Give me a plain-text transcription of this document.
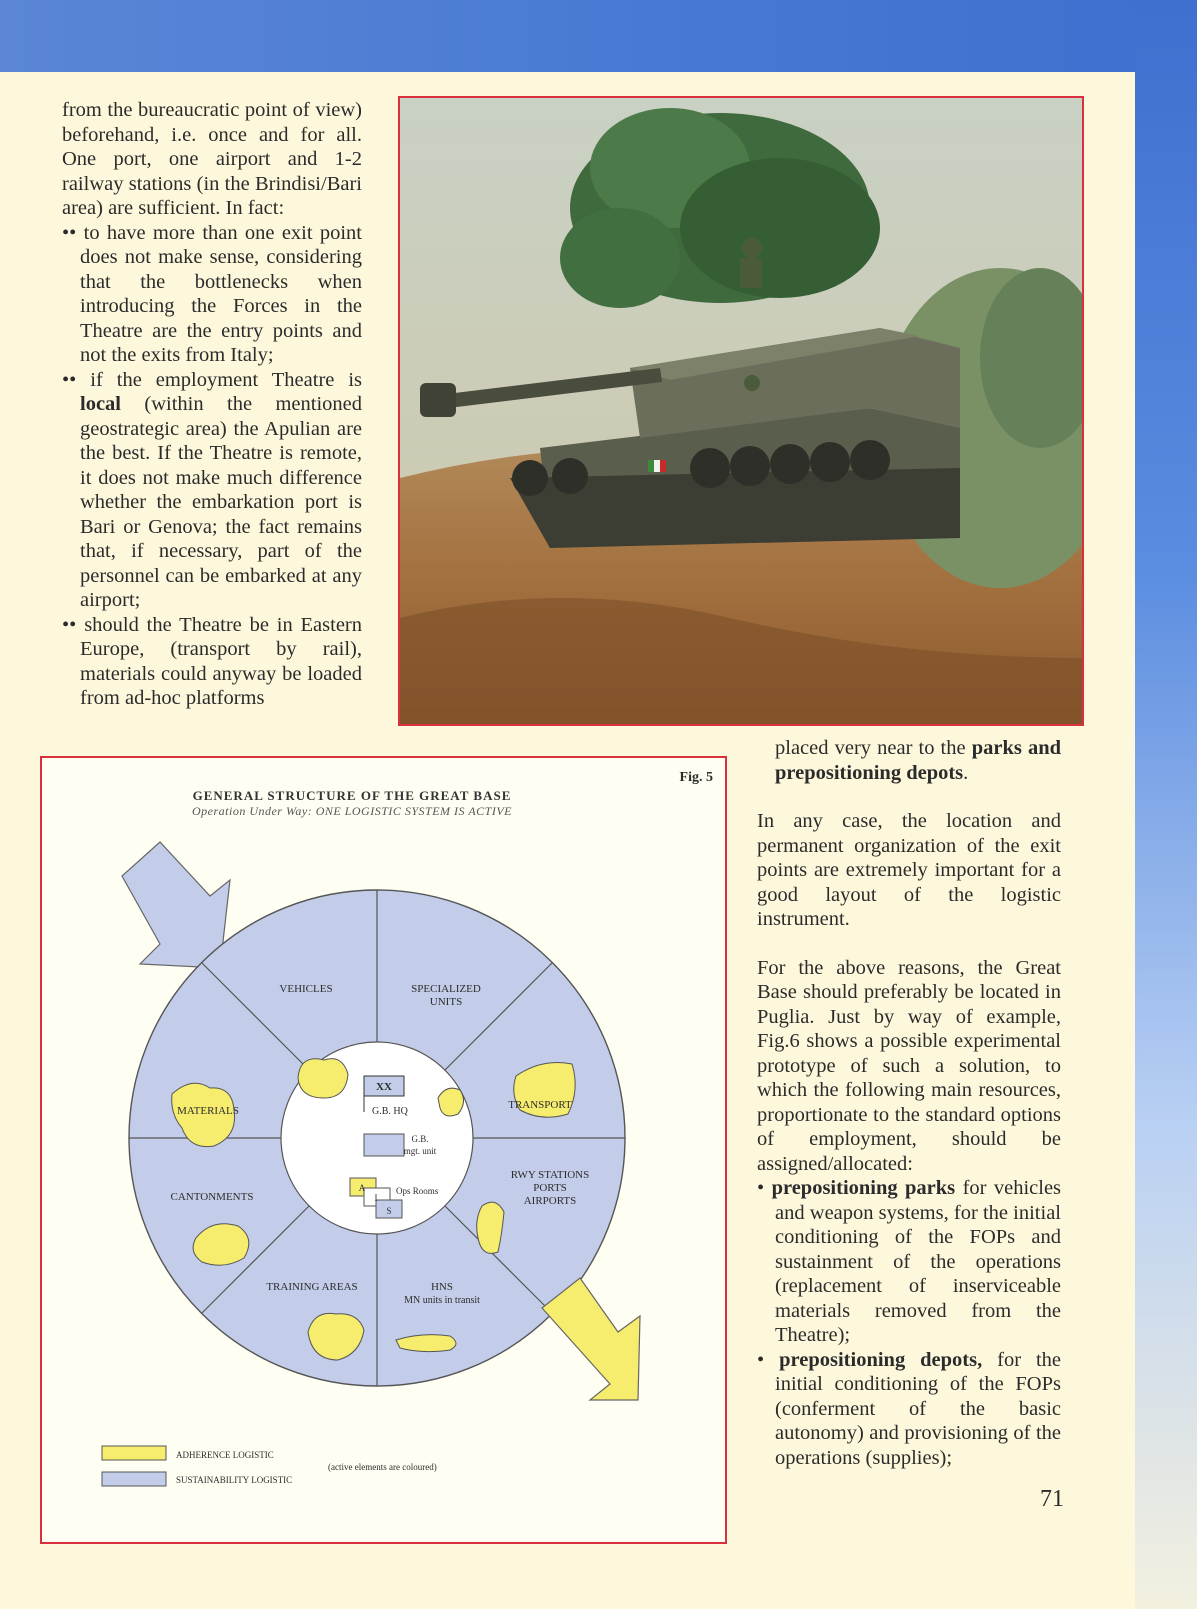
from the bureaucratic point of view) beforehand, i.e. once and for all. One port, one airport and 1-2 railway stations (in the Brindisi/Bari area) are sufficient. In fact:

•• to have more than one exit point does not make sense, considering that the bottlenecks when introducing the Forces in the Theatre are the entry points and not the exits from Italy;
•• if the employment Theatre is local (within the mentioned geostrategic area) the Apulian are the best. If the Theatre is remote, it does not make much difference whether the embarkation port is Bari or Genova; the fact remains that, if necessary, part of the personnel can be embarked at any airport;
•• should the Theatre be in Eastern Europe, (transport by rail), materials could anyway be loaded from ad-hoc platforms
Fig. 5
GENERAL STRUCTURE OF THE GREAT BASE
Operation Under Way: ONE LOGISTIC SYSTEM IS ACTIVE
XX
G.B. HQ
G.B.
mgt. unit
A
I
S
Ops Rooms
VEHICLES	SPECIALIZED
UNITS
MATERIALS	TRANSPORT
CANTONMENTS
RWY STATIONS
PORTS
AIRPORTS
TRAINING AREAS	HNS
MN units in transit
ADHERENCE LOGISTIC
SUSTAINABILITY LOGISTIC
(active elements are coloured)

placed very near to the parks and prepositioning depots.

In any case, the location and permanent organization of the exit points are extremely important for a good layout of the logistic instrument.

For the above reasons, the Great Base should preferably be located in Puglia. Just by way of example, Fig.6 shows a possible experimental prototype of such a solution, to which the following main resources, proportionate to the standard options of employment, should be assigned/allocated:

• prepositioning parks for vehicles and weapon systems, for the initial conditioning of the FOPs and sustainment of the operations (replacement of inserviceable materials removed from the Theatre);
• prepositioning depots, for the initial conditioning of the FOPs (conferment of the basic autonomy) and provisioning of the operations (supplies);
71
